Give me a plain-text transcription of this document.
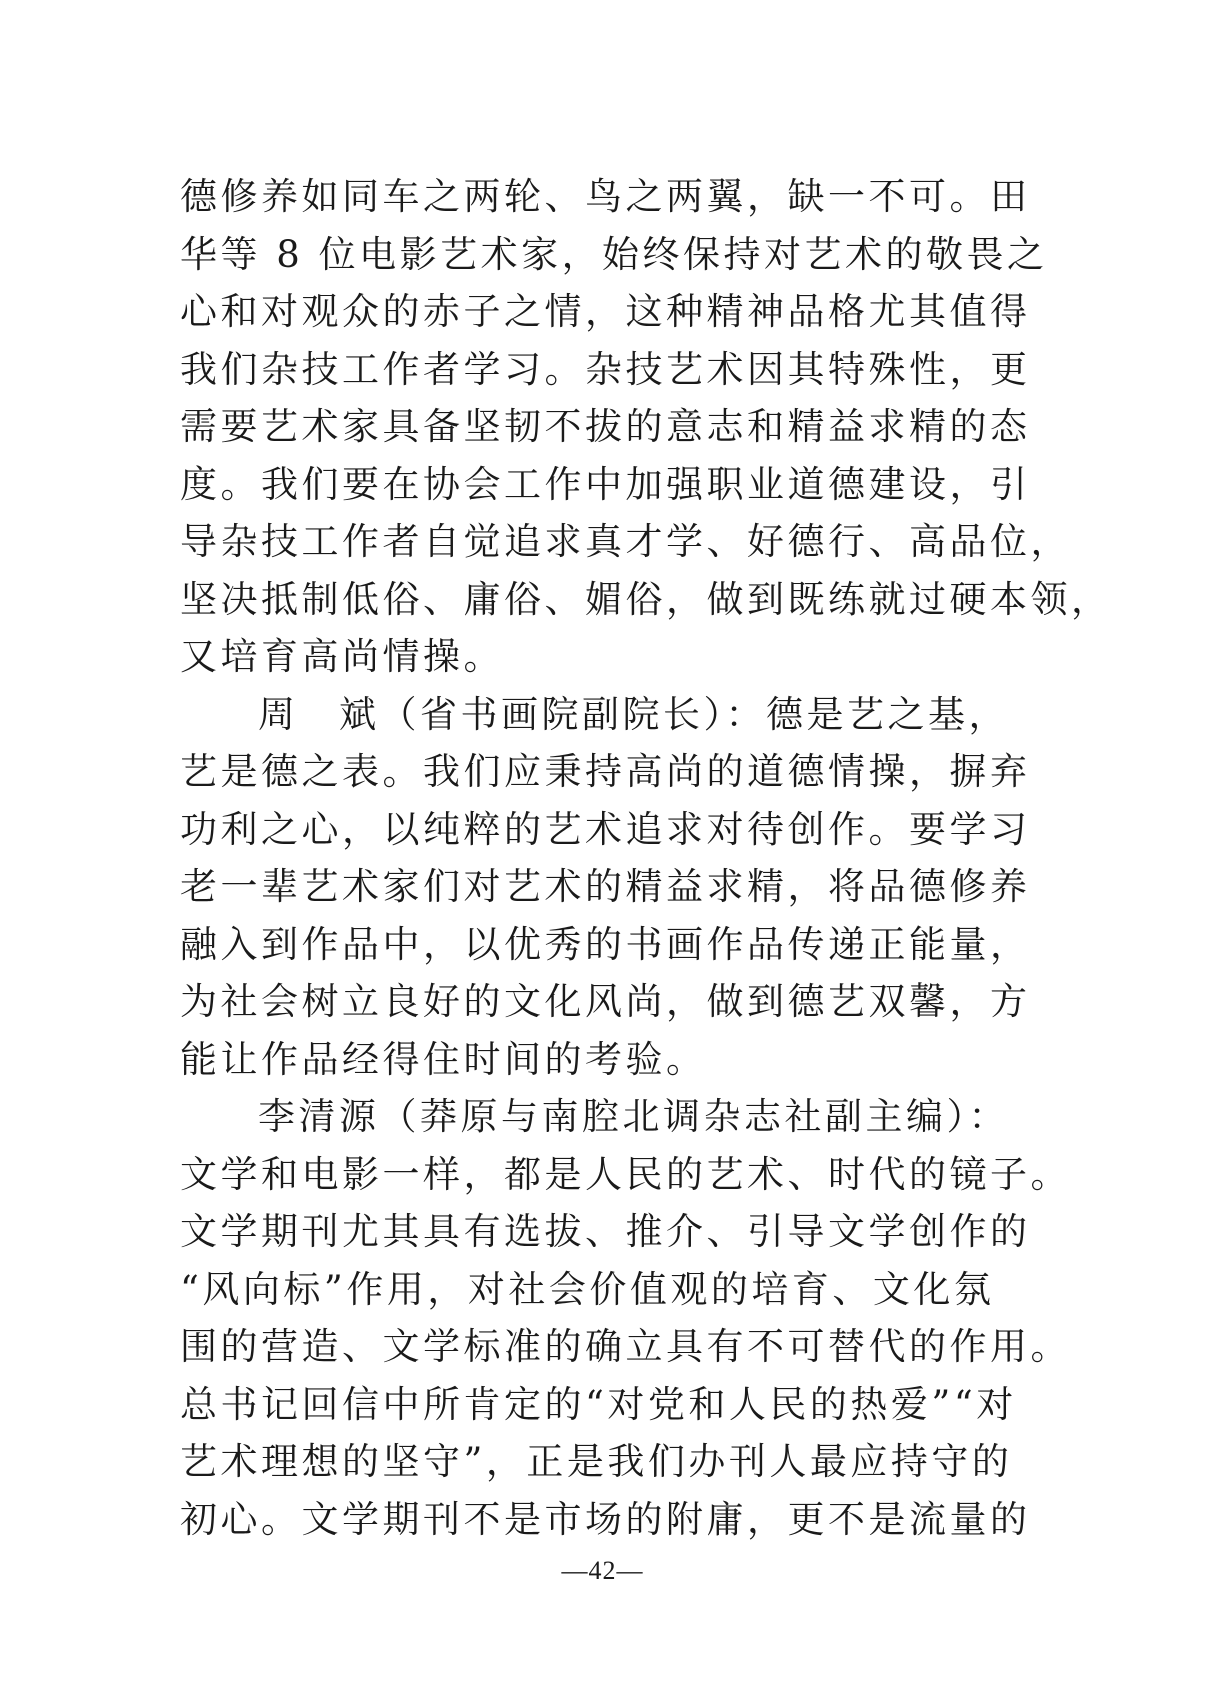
德修养如同车之两轮、鸟之两翼，缺一不可。田
华等 8 位电影艺术家，始终保持对艺术的敬畏之
心和对观众的赤子之情，这种精神品格尤其值得
我们杂技工作者学习。杂技艺术因其特殊性，更
需要艺术家具备坚韧不拔的意志和精益求精的态
度。我们要在协会工作中加强职业道德建设，引
导杂技工作者自觉追求真才学、好德行、高品位，
坚决抵制低俗、庸俗、媚俗，做到既练就过硬本领，
又培育高尚情操。
周　斌（省书画院副院长）：德是艺之基，
艺是德之表。我们应秉持高尚的道德情操，摒弃
功利之心，以纯粹的艺术追求对待创作。要学习
老一辈艺术家们对艺术的精益求精，将品德修养
融入到作品中，以优秀的书画作品传递正能量，
为社会树立良好的文化风尚，做到德艺双馨，方
能让作品经得住时间的考验。
李清源（莽原与南腔北调杂志社副主编）：
文学和电影一样，都是人民的艺术、时代的镜子。
文学期刊尤其具有选拔、推介、引导文学创作的
“风向标”作用，对社会价值观的培育、文化氛
围的营造、文学标准的确立具有不可替代的作用。
总书记回信中所肯定的“对党和人民的热爱”“对
艺术理想的坚守”，正是我们办刊人最应持守的
初心。文学期刊不是市场的附庸，更不是流量的
—42—
